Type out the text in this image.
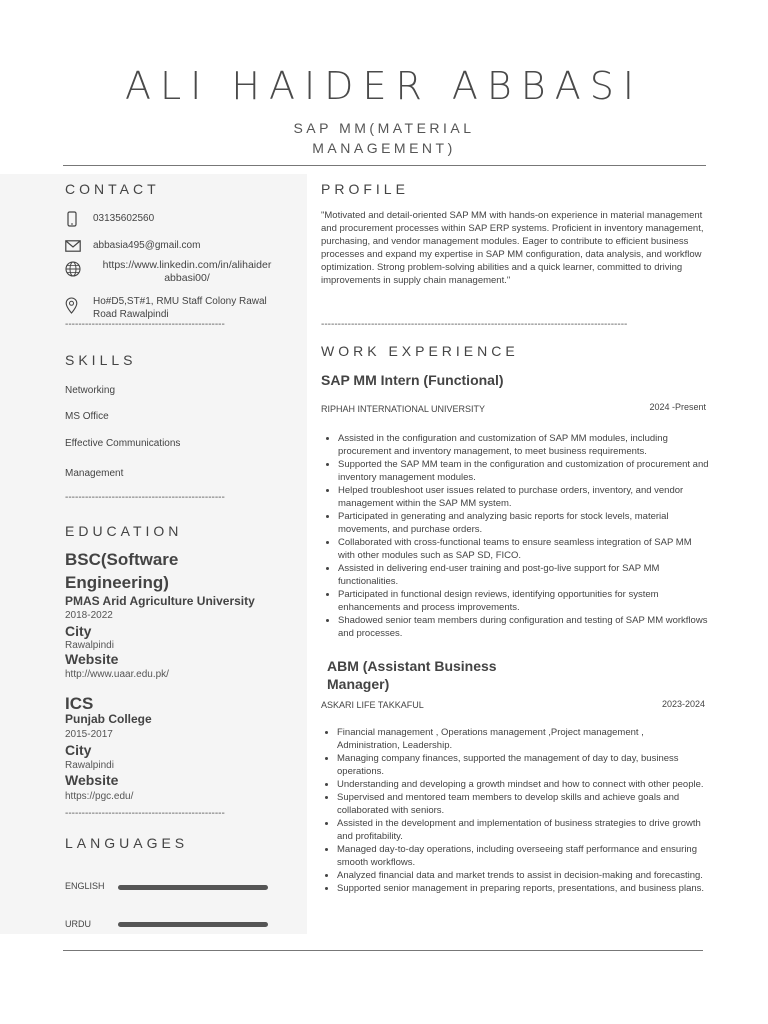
ALI HAIDER ABBASI
SAP MM(MATERIAL
MANAGEMENT)
CONTACT
03135602560
abbasia495@gmail.com
https://www.linkedin.com/in/alihaider
abbasi00/
Ho#D5,ST#1, RMU Staff Colony Rawal
Road Rawalpindi
------------------------------------------------
SKILLS
Networking
MS Office
Effective Communications
Management
------------------------------------------------
EDUCATION
BSC(Software
Engineering)
PMAS Arid Agriculture University
2018-2022
City
Rawalpindi
Website
http://www.uaar.edu.pk/
ICS
Punjab College
2015-2017
City
Rawalpindi
Website
https://pgc.edu/
------------------------------------------------
LANGUAGES
ENGLISH
URDU
PROFILE
"Motivated and detail-oriented SAP MM with hands-on experience in material management and procurement processes within SAP ERP systems. Proficient in inventory management, purchasing, and vendor management modules. Eager to contribute to efficient business processes and expand my expertise in SAP MM configuration, data analysis, and workflow optimization. Strong problem-solving abilities and a quick learner, committed to driving improvements in supply chain management."
--------------------------------------------------------------------------------------------
WORK EXPERIENCE
SAP MM Intern (Functional)
RIPHAH INTERNATIONAL UNIVERSITY	2024 -Present
• Assisted in the configuration and customization of SAP MM modules, including procurement and inventory management, to meet business requirements.
• Supported the SAP MM team in the configuration and customization of procurement and inventory management modules.
• Helped troubleshoot user issues related to purchase orders, inventory, and vendor management within the SAP MM system.
• Participated in generating and analyzing basic reports for stock levels, material movements, and purchase orders.
• Collaborated with cross-functional teams to ensure seamless integration of SAP MM with other modules such as SAP SD, FICO.
• Assisted in delivering end-user training and post-go-live support for SAP MM functionalities.
• Participated in functional design reviews, identifying opportunities for system enhancements and process improvements.
• Shadowed senior team members during configuration and testing of SAP MM workflows and processes.
ABM (Assistant Business
Manager)
ASKARI LIFE TAKKAFUL	2023-2024
• Financial management , Operations management ,Project management , Administration, Leadership.
• Managing company finances, supported the management of day to day, business operations.
• Understanding and developing a growth mindset and how to connect with other people.
• Supervised and mentored team members to develop skills and achieve goals and collaborated with seniors.
• Assisted in the development and implementation of business strategies to drive growth and profitability.
• Managed day-to-day operations, including overseeing staff performance and ensuring smooth workflows.
• Analyzed financial data and market trends to assist in decision-making and forecasting.
• Supported senior management in preparing reports, presentations, and business plans.
